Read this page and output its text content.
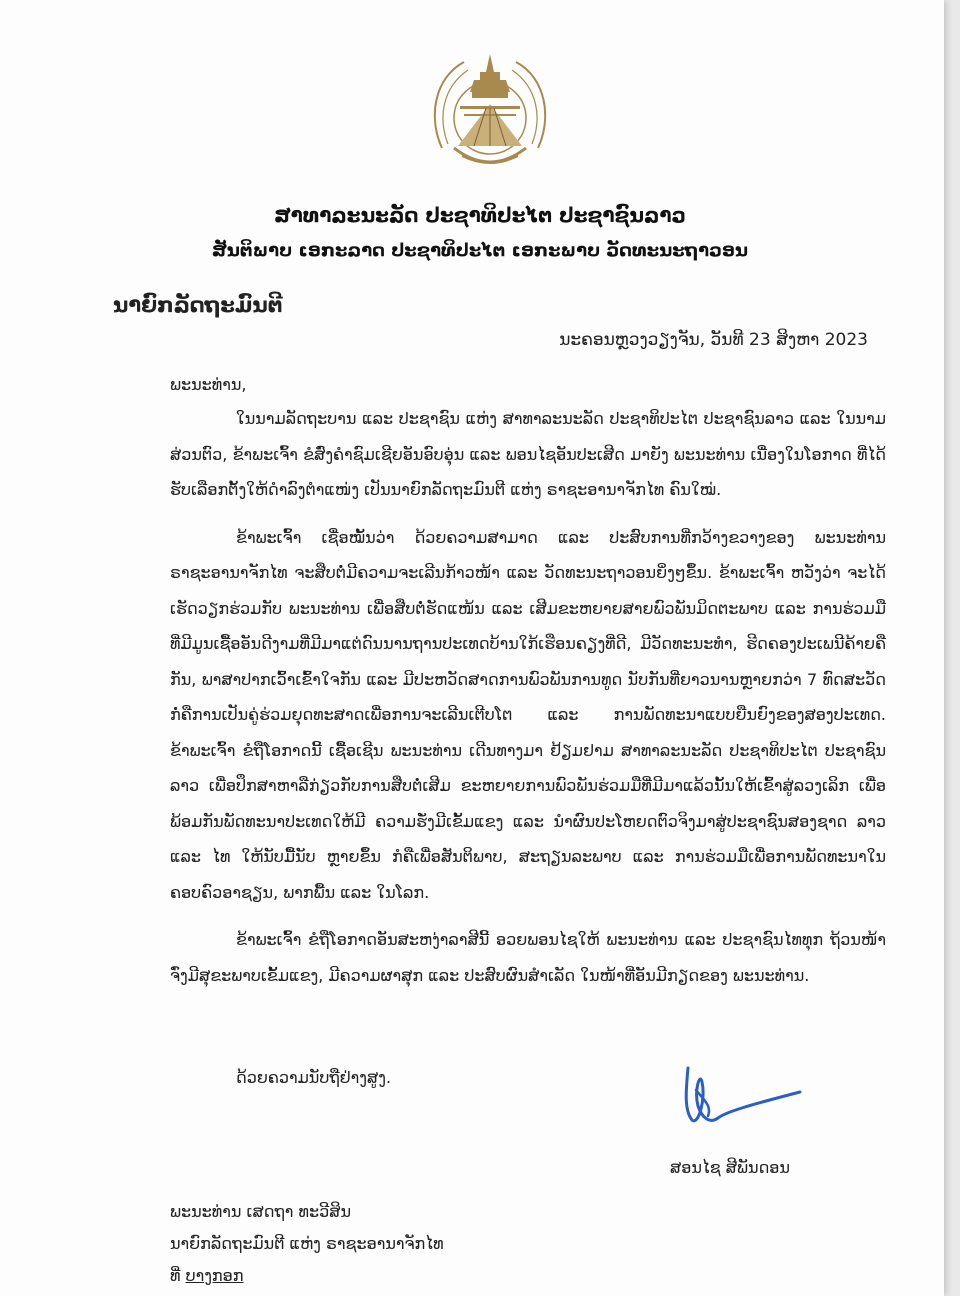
ສາທາລະນະລັດ ປະຊາທິປະໄຕ ປະຊາຊົນລາວ
ສັນຕິພາບ ເອກະລາດ ປະຊາທິປະໄຕ ເອກະພາບ ວັດທະນະຖາວອນ
ນາຍົກລັດຖະມົນຕີ
ນະຄອນຫຼວງວຽງຈັນ, ວັນທີ 23 ສິງຫາ 2023
ພະນະທ່ານ,

ໃນນາມລັດຖະບານ ແລະ ປະຊາຊົນ ແຫ່ງ ສາທາລະນະລັດ ປະຊາທິປະໄຕ ປະຊາຊົນລາວ ແລະ ໃນນາມສ່ວນຕົວ, ຂ້າພະເຈົ້າ ຂໍສົ່ງຄໍາຊົມເຊີຍອັນອົບອຸ່ນ ແລະ ພອນໄຊອັນປະເສີດ ມາຍັງ ພະນະທ່ານ ເນື່ອງໃນໂອກາດ ທີ່ໄດ້ຮັບເລືອກຕັ້ງໃຫ້ດໍາລົງຕໍາແໜ່ງ ເປັນນາຍົກລັດຖະມົນຕີ ແຫ່ງ ຣາຊະອານາຈັກໄທ ຄົນໃໝ່.

ຂ້າພະເຈົ້າ ເຊື່ອໝັ້ນວ່າ ດ້ວຍຄວາມສາມາດ ແລະ ປະສົບການທີ່ກວ້າງຂວາງຂອງ ພະນະທ່ານ ຣາຊະອານາຈັກໄທ ຈະສືບຕໍ່ມີຄວາມຈະເລີນກ້າວໜ້າ ແລະ ວັດທະນະຖາວອນຍິ່ງໆຂຶ້ນ. ຂ້າພະເຈົ້າ ຫວັງວ່າ ຈະໄດ້ເຮັດວຽກຮ່ວມກັບ ພະນະທ່ານ ເພື່ອສືບຕໍ່ຮັດແໜ້ນ ແລະ ເສີມຂະຫຍາຍສາຍພົວພັນມິດຕະພາບ ແລະ ການຮ່ວມມືທີ່ມີມູນເຊື້ອອັນດີງາມທີ່ມີມາແຕ່ດົນນານຖານປະເທດບ້ານໃກ້ເຮືອນຄຽງທີ່ດີ, ມີວັດທະນະທໍາ, ຮີດຄອງປະເພນີຄ້າຍຄືກັນ, ພາສາປາກເວົ້າເຂົ້າໃຈກັນ ແລະ ມີປະຫວັດສາດການພົວພັນການທູດ ນັບກັນທີ່ຍາວນານຫຼາຍກວ່າ 7 ທົດສະວັດ ກໍ່ຄືການເປັນຄູ່ຮ່ວມຍຸດທະສາດເພື່ອການຈະເລີນເຕີບໂຕ ແລະ ການພັດທະນາແບບຍືນຍົງຂອງສອງປະເທດ. ຂ້າພະເຈົ້າ ຂໍຖືໂອກາດນີ້ ເຊື້ອເຊີນ ພະນະທ່ານ ເດີນທາງມາ ຢ້ຽມຢາມ ສາທາລະນະລັດ ປະຊາທິປະໄຕ ປະຊາຊົນລາວ ເພື່ອປຶກສາຫາລືກ່ຽວກັບການສືບຕໍ່ເສີມ ຂະຫຍາຍການພົວພັນຮ່ວມມືທີ່ມີມາແລ້ວນັ້ນໃຫ້ເຂົ້າສູ່ລວງເລິກ ເພື່ອພ້ອມກັນພັດທະນາປະເທດໃຫ້ມີ ຄວາມຮັ່ງມີເຂັ້ມແຂງ ແລະ ນໍາຜົນປະໂຫຍດຕົວຈິງມາສູ່ປະຊາຊົນສອງຊາດ ລາວ ແລະ ໄທ ໃຫ້ນັບມື້ນັບ ຫຼາຍຂຶ້ນ ກໍຄືເພື່ອສັນຕິພາບ, ສະຖຽນລະພາບ ແລະ ການຮ່ວມມືເພື່ອການພັດທະນາໃນຄອບຄົວອາຊຽນ, ພາກພື້ນ ແລະ ໃນໂລກ.

ຂ້າພະເຈົ້າ ຂໍຖືໂອກາດອັນສະຫງ່າລາສີນີ້ ອວຍພອນໄຊໃຫ້ ພະນະທ່ານ ແລະ ປະຊາຊົນໄທທຸກ ຖ້ວນໜ້າ ຈົ່ງມີສຸຂະພາບເຂັ້ມແຂງ, ມີຄວາມຜາສຸກ ແລະ ປະສົບຜົນສໍາເລັດ ໃນໜ້າທີ່ອັນມີກຽດຂອງ ພະນະທ່ານ.

ດ້ວຍຄວາມນັບຖືຢ່າງສູງ.
ສອນໄຊ ສີພັນດອນ
ພະນະທ່ານ ເສດຖາ ທະວີສິນ
ນາຍົກລັດຖະມົນຕີ ແຫ່ງ ຣາຊະອານາຈັກໄທ
ທີ່ ບາງກອກ
